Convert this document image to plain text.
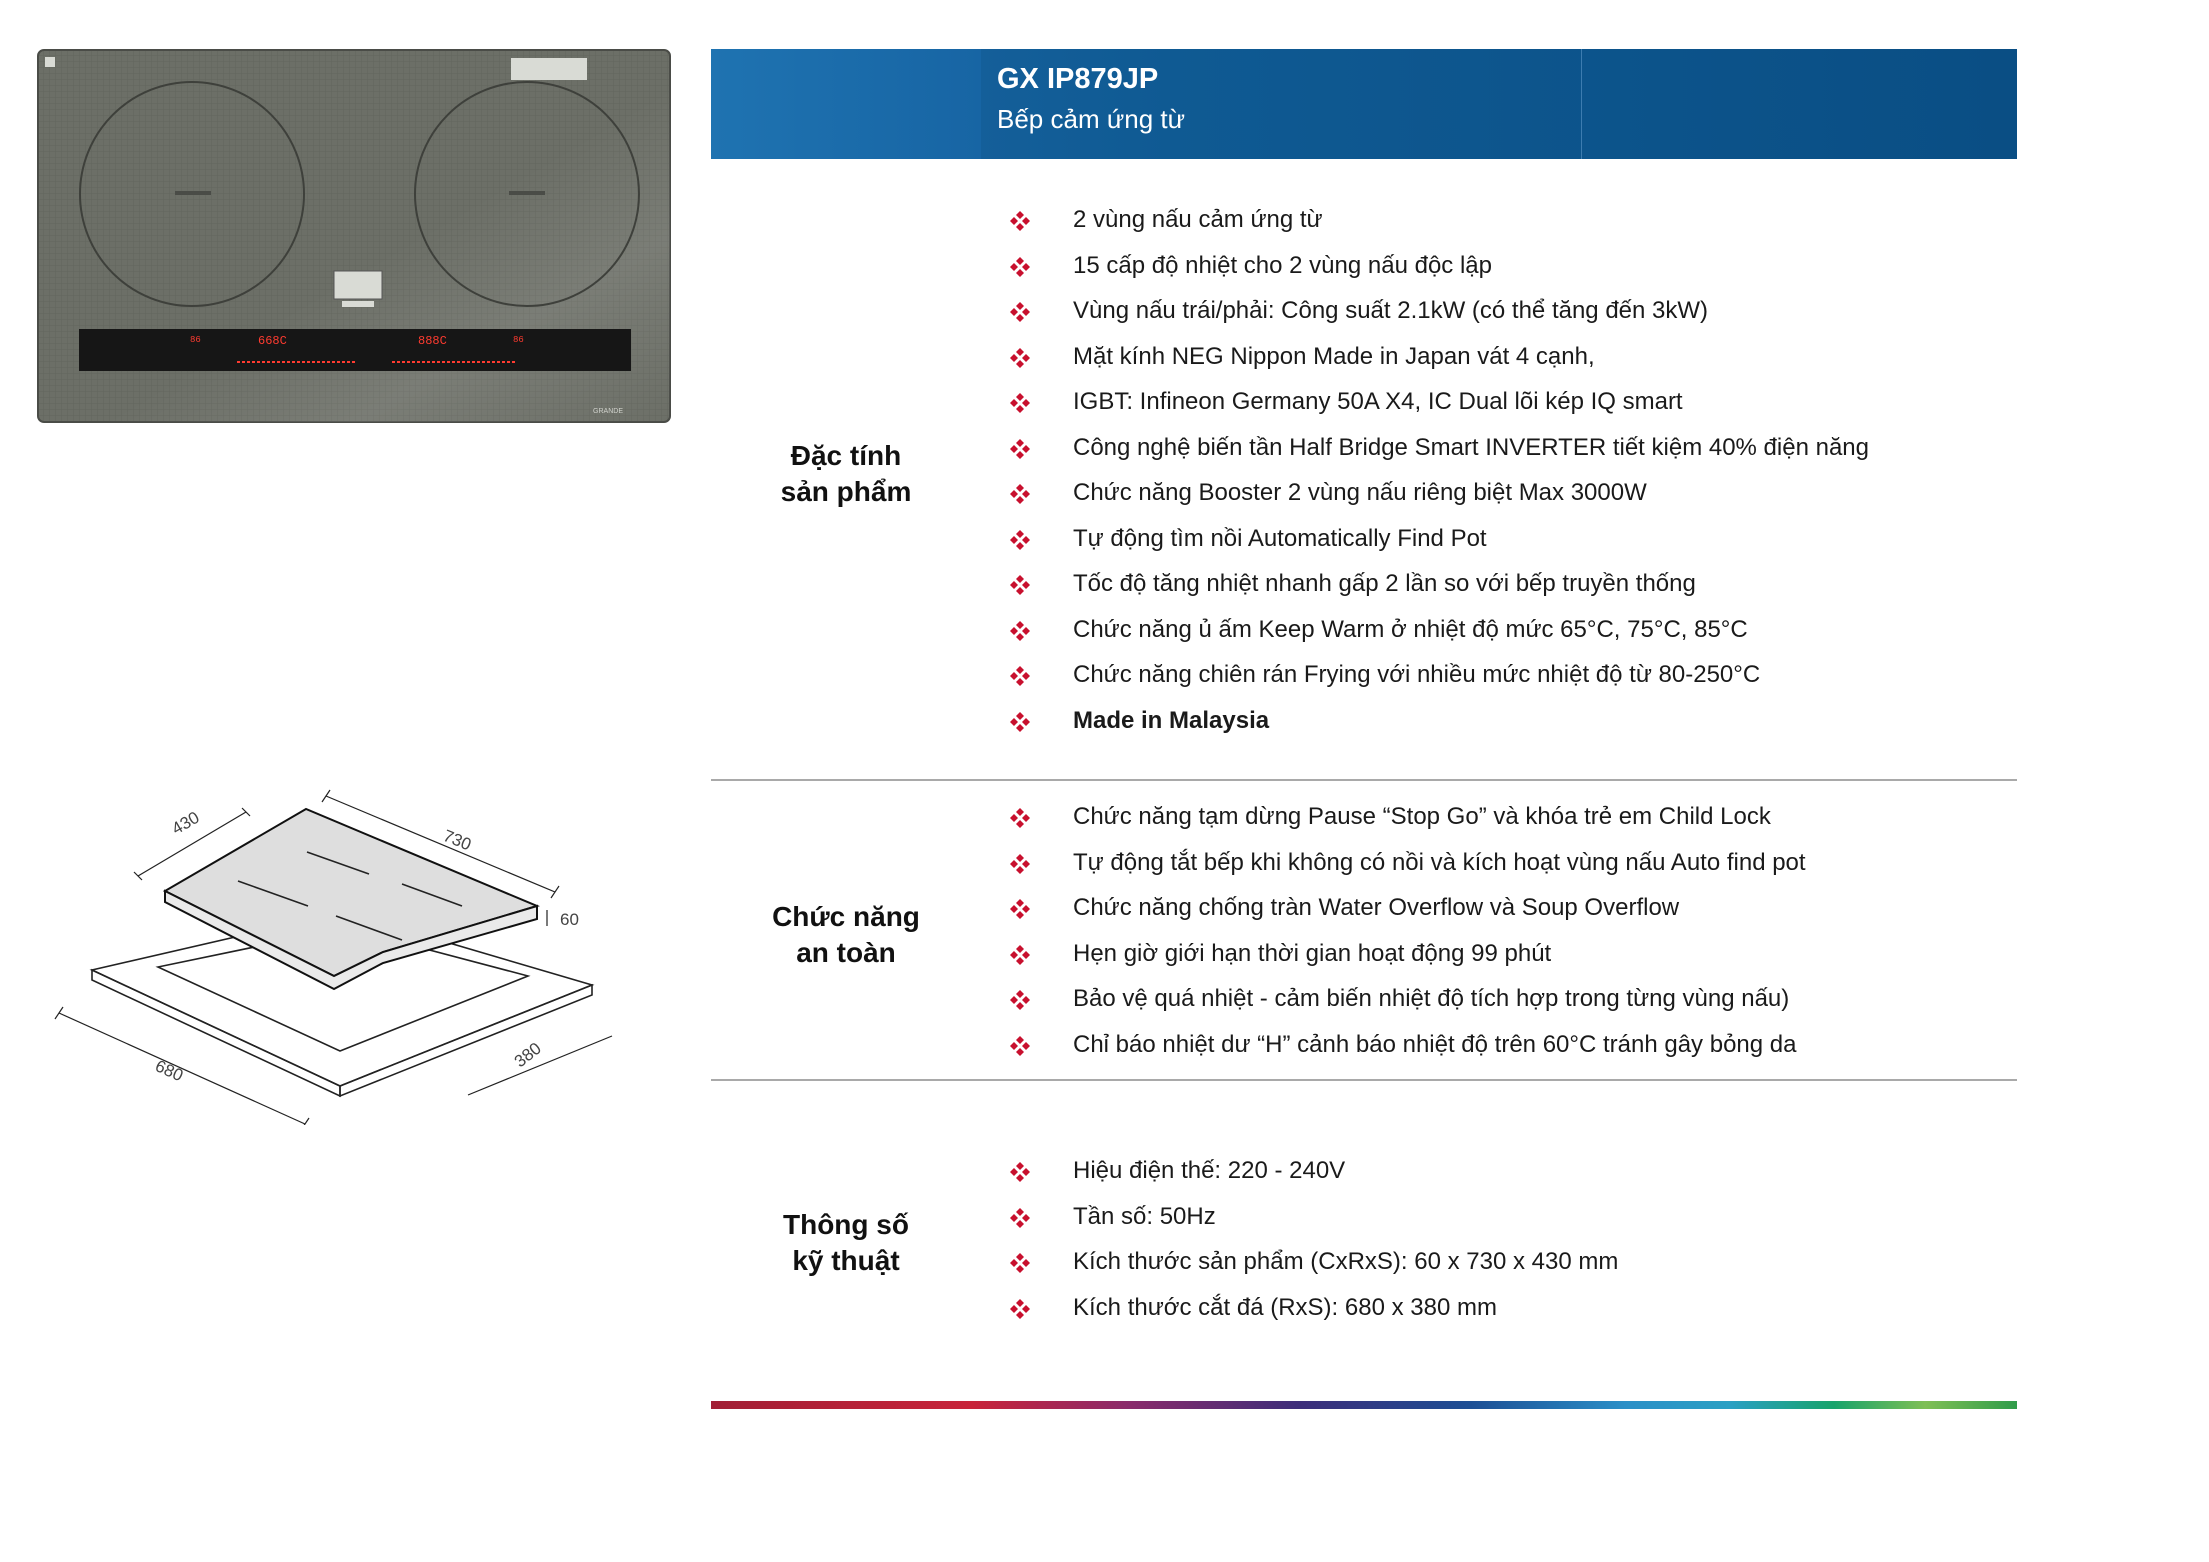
86	668C	888C	86
GRANDE
430
730
60
680	380
GX IP879JP
Bếp cảm ứng từ
Đặc tính
sản phẩm
2 vùng nấu cảm ứng từ
15 cấp độ nhiệt cho 2 vùng nấu độc lập
Vùng nấu trái/phải: Công suất 2.1kW (có thể tăng đến 3kW)
Mặt kính NEG Nippon Made in Japan vát 4 cạnh,
IGBT: Infineon Germany 50A X4, IC Dual lõi kép IQ smart
Công nghệ biến tần Half Bridge Smart INVERTER tiết kiệm 40% điện năng
Chức năng Booster 2 vùng nấu riêng biệt Max 3000W
Tự động tìm nồi Automatically Find Pot
Tốc độ tăng nhiệt nhanh gấp 2 lần so với bếp truyền thống
Chức năng ủ ấm Keep Warm ở nhiệt độ mức 65°C, 75°C, 85°C
Chức năng chiên rán Frying với nhiều mức nhiệt độ từ 80-250°C
Made in Malaysia
Chức năng
an toàn
Chức năng tạm dừng Pause “Stop Go” và khóa trẻ em Child Lock
Tự động tắt bếp khi không có nồi và kích hoạt vùng nấu Auto find pot
Chức năng chống tràn Water Overflow và Soup Overflow
Hẹn giờ giới hạn thời gian hoạt động 99 phút
Bảo vệ quá nhiệt - cảm biến nhiệt độ tích hợp trong từng vùng nấu)
Chỉ báo nhiệt dư “H” cảnh báo nhiệt độ trên 60°C tránh gây bỏng da
Thông số
kỹ thuật
Hiệu điện thế: 220 - 240V
Tần số: 50Hz
Kích thước sản phẩm (CxRxS): 60 x 730 x 430 mm
Kích thước cắt đá (RxS): 680 x 380 mm
